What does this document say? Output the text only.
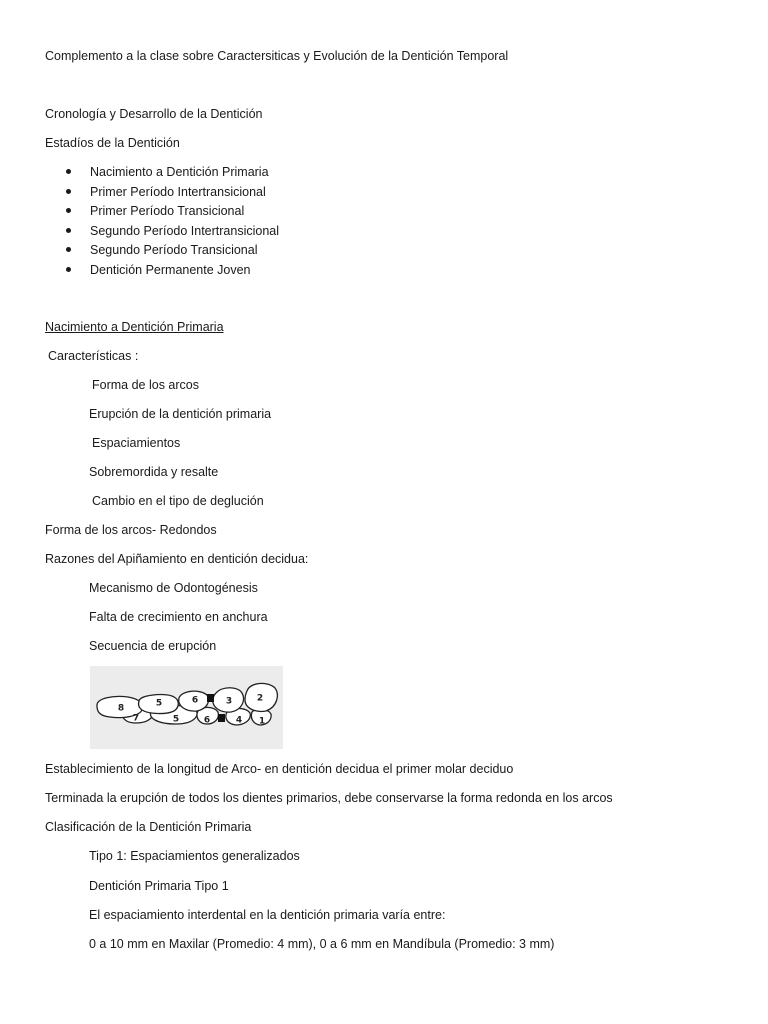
Complemento a la clase sobre Caractersiticas y Evolución de la Dentición Temporal
Cronología y Desarrollo de la Dentición
Estadíos de la Dentición
Nacimiento a Dentición Primaria
Primer Período Intertransicional
Primer Período Transicional
Segundo Período Intertransicional
Segundo Período Transicional
Dentición Permanente Joven
Nacimiento a Dentición Primaria
Características :
Forma de los arcos
Erupción de la dentición primaria
Espaciamientos
Sobremordida y resalte
Cambio en el tipo de deglución
Forma de los arcos- Redondos
Razones del Apiñamiento en dentición decidua:
Mecanismo de Odontogénesis
Falta de crecimiento en anchura
Secuencia de erupción
8	5	6	3	2
7	5	6	4 1
Establecimiento de la longitud de Arco- en dentición decidua el primer molar deciduo
Terminada la erupción de todos los dientes primarios, debe conservarse la forma redonda en los arcos
Clasificación de la Dentición Primaria
Tipo 1: Espaciamientos generalizados
Dentición Primaria Tipo 1
El espaciamiento interdental en la dentición primaria varía entre:
0 a 10 mm en Maxilar (Promedio: 4 mm), 0 a 6 mm en Mandíbula (Promedio: 3 mm)
